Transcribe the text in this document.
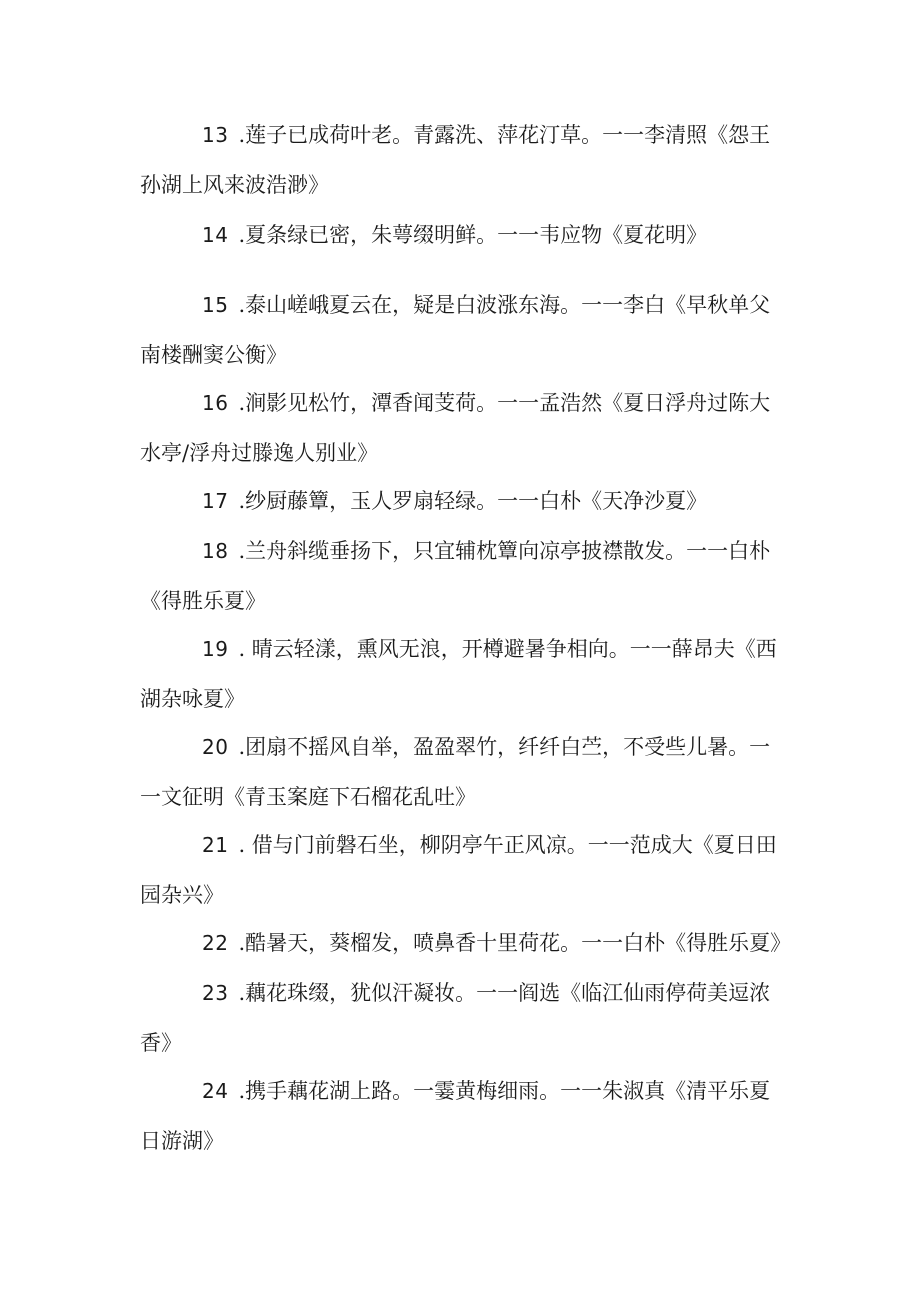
13 .莲子已成荷叶老。青露洗、萍花汀草。一一李清照《怨王
孙湖上风来波浩渺》
14 .夏条绿已密，朱萼缀明鲜。一一韦应物《夏花明》
15 .泰山嵯峨夏云在，疑是白波涨东海。一一李白《早秋单父
南楼酬窦公衡》
16 .涧影见松竹，潭香闻芰荷。一一孟浩然《夏日浮舟过陈大
水亭/浮舟过滕逸人别业》
17 .纱厨藤簟，玉人罗扇轻绿。一一白朴《天净沙夏》
18 .兰舟斜缆垂扬下，只宜辅枕簟向凉亭披襟散发。一一白朴
《得胜乐夏》
19 . 晴云轻漾，熏风无浪，开樽避暑争相向。一一薛昂夫《西
湖杂咏夏》
20 .团扇不摇风自举，盈盈翠竹，纤纤白苎，不受些儿暑。一
一文征明《青玉案庭下石榴花乱吐》
21 . 借与门前磐石坐，柳阴亭午正风凉。一一范成大《夏日田
园杂兴》
22 .酷暑天，葵榴发，喷鼻香十里荷花。一一白朴《得胜乐夏》
23 .藕花珠缀，犹似汗凝妆。一一阎选《临江仙雨停荷美逗浓
香》
24 .携手藕花湖上路。一霎黄梅细雨。一一朱淑真《清平乐夏
日游湖》
